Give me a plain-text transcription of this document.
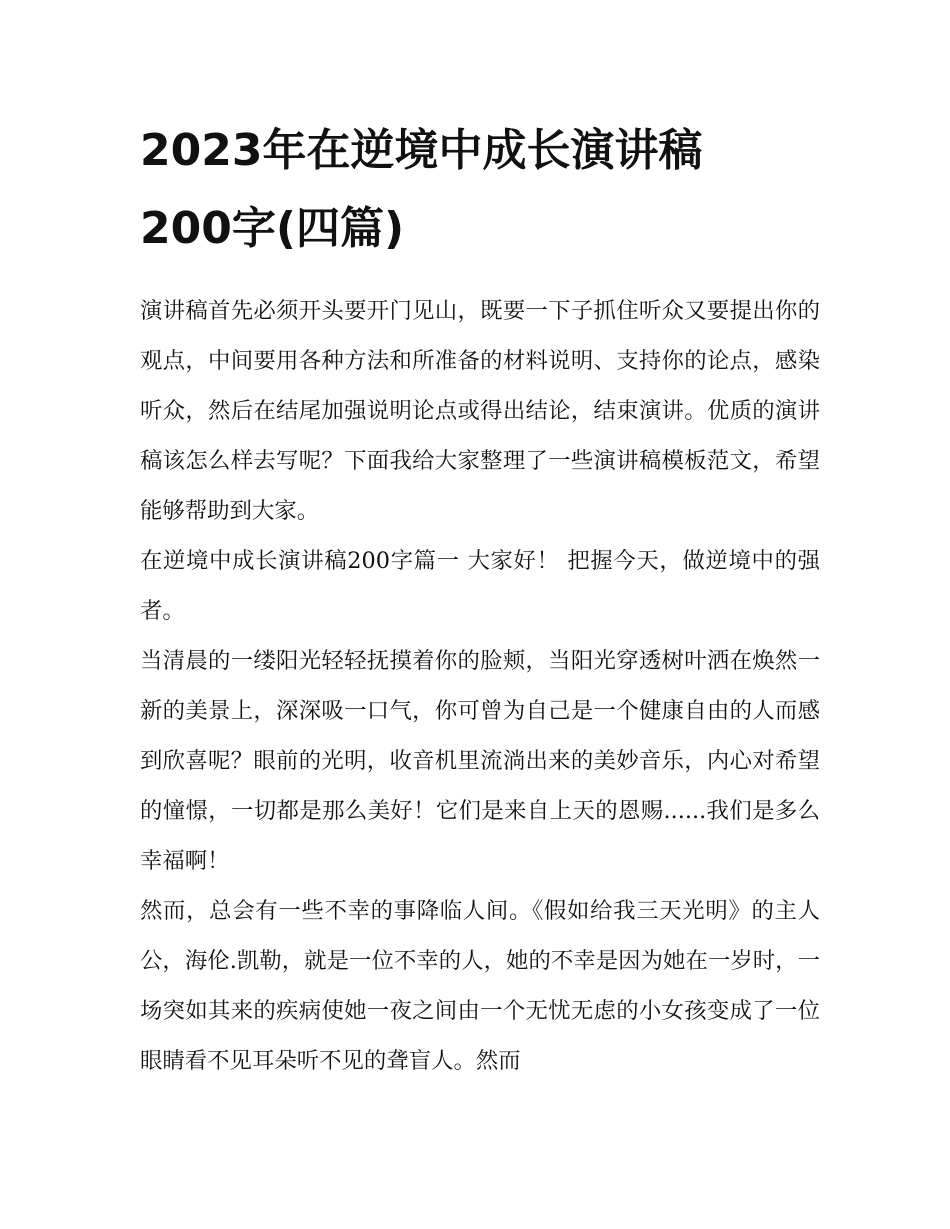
2023年在逆境中成长演讲稿200字(四篇)

演讲稿首先必须开头要开门见山，既要一下子抓住听众又要提出你的观点，中间要用各种方法和所准备的材料说明、支持你的论点，感染听众，然后在结尾加强说明论点或得出结论，结束演讲。优质的演讲稿该怎么样去写呢？下面我给大家整理了一些演讲稿模板范文，希望能够帮助到大家。

在逆境中成长演讲稿200字篇一 大家好！ 把握今天，做逆境中的强者。

当清晨的一缕阳光轻轻抚摸着你的脸颊，当阳光穿透树叶洒在焕然一新的美景上，深深吸一口气，你可曾为自己是一个健康自由的人而感到欣喜呢？眼前的光明，收音机里流淌出来的美妙音乐，内心对希望的憧憬，一切都是那么美好！它们是来自上天的恩赐......我们是多么幸福啊！

然而，总会有一些不幸的事降临人间。《假如给我三天光明》的主人公，海伦.凯勒，就是一位不幸的人，她的不幸是因为她在一岁时，一场突如其来的疾病使她一夜之间由一个无忧无虑的小女孩变成了一位眼睛看不见耳朵听不见的聋盲人。然而
